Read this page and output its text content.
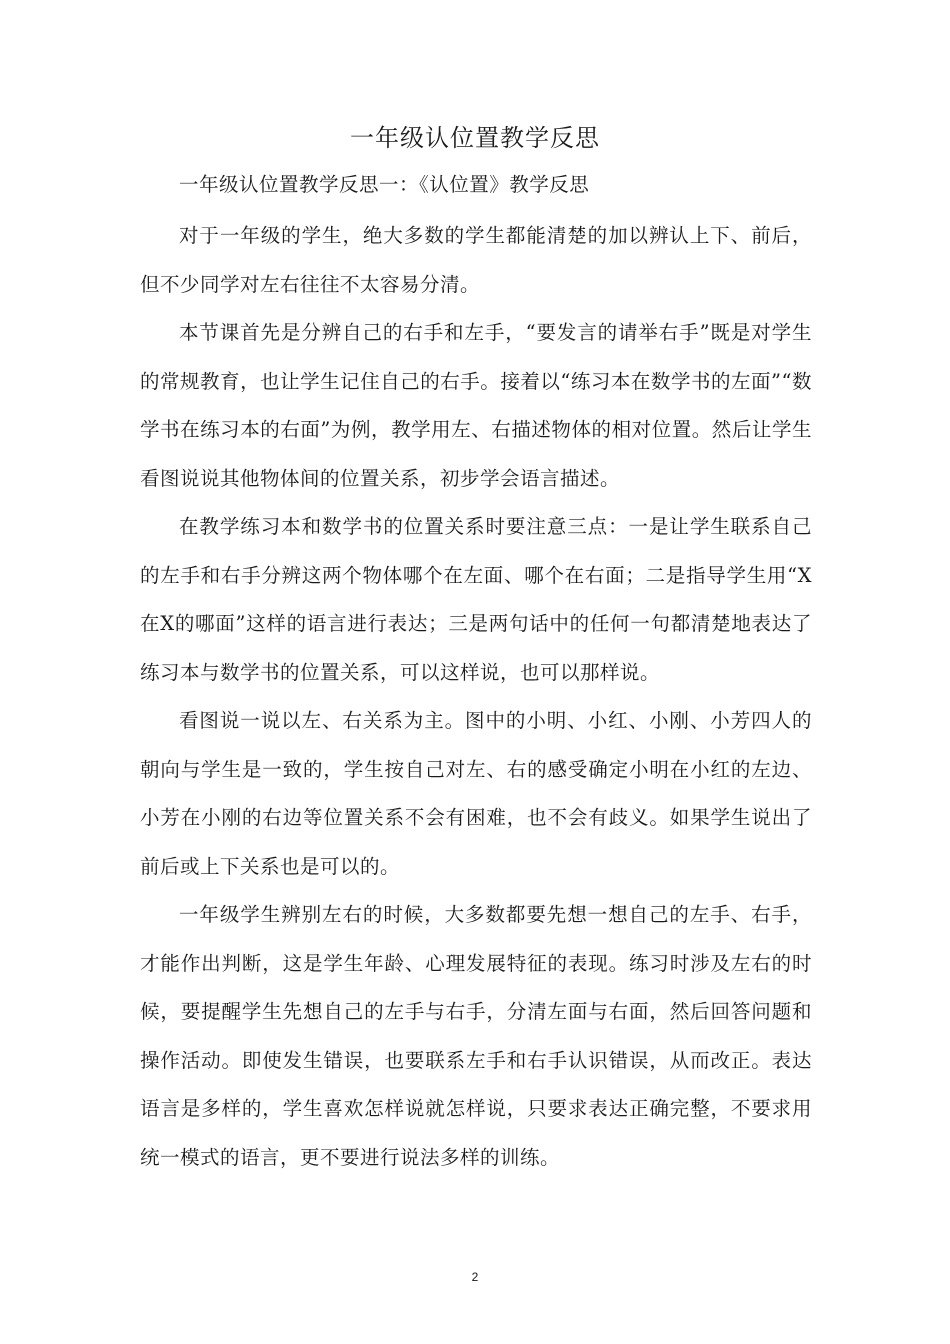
一年级认位置教学反思

一年级认位置教学反思一：《认位置》教学反思

对于一年级的学生，绝大多数的学生都能清楚的加以辨认上下、前后，但不少同学对左右往往不太容易分清。

本节课首先是分辨自己的右手和左手，“要发言的请举右手”既是对学生的常规教育，也让学生记住自己的右手。接着以“练习本在数学书的左面”“数学书在练习本的右面”为例，教学用左、右描述物体的相对位置。然后让学生看图说说其他物体间的位置关系，初步学会语言描述。

在教学练习本和数学书的位置关系时要注意三点：一是让学生联系自己的左手和右手分辨这两个物体哪个在左面、哪个在右面；二是指导学生用“X在X的哪面”这样的语言进行表达；三是两句话中的任何一句都清楚地表达了练习本与数学书的位置关系，可以这样说，也可以那样说。

看图说一说以左、右关系为主。图中的小明、小红、小刚、小芳四人的朝向与学生是一致的，学生按自己对左、右的感受确定小明在小红的左边、小芳在小刚的右边等位置关系不会有困难，也不会有歧义。如果学生说出了前后或上下关系也是可以的。

一年级学生辨别左右的时候，大多数都要先想一想自己的左手、右手，才能作出判断，这是学生年龄、心理发展特征的表现。练习时涉及左右的时候，要提醒学生先想自己的左手与右手，分清左面与右面，然后回答问题和操作活动。即使发生错误，也要联系左手和右手认识错误，从而改正。表达语言是多样的，学生喜欢怎样说就怎样说，只要求表达正确完整，不要求用统一模式的语言，更不要进行说法多样的训练。

2
